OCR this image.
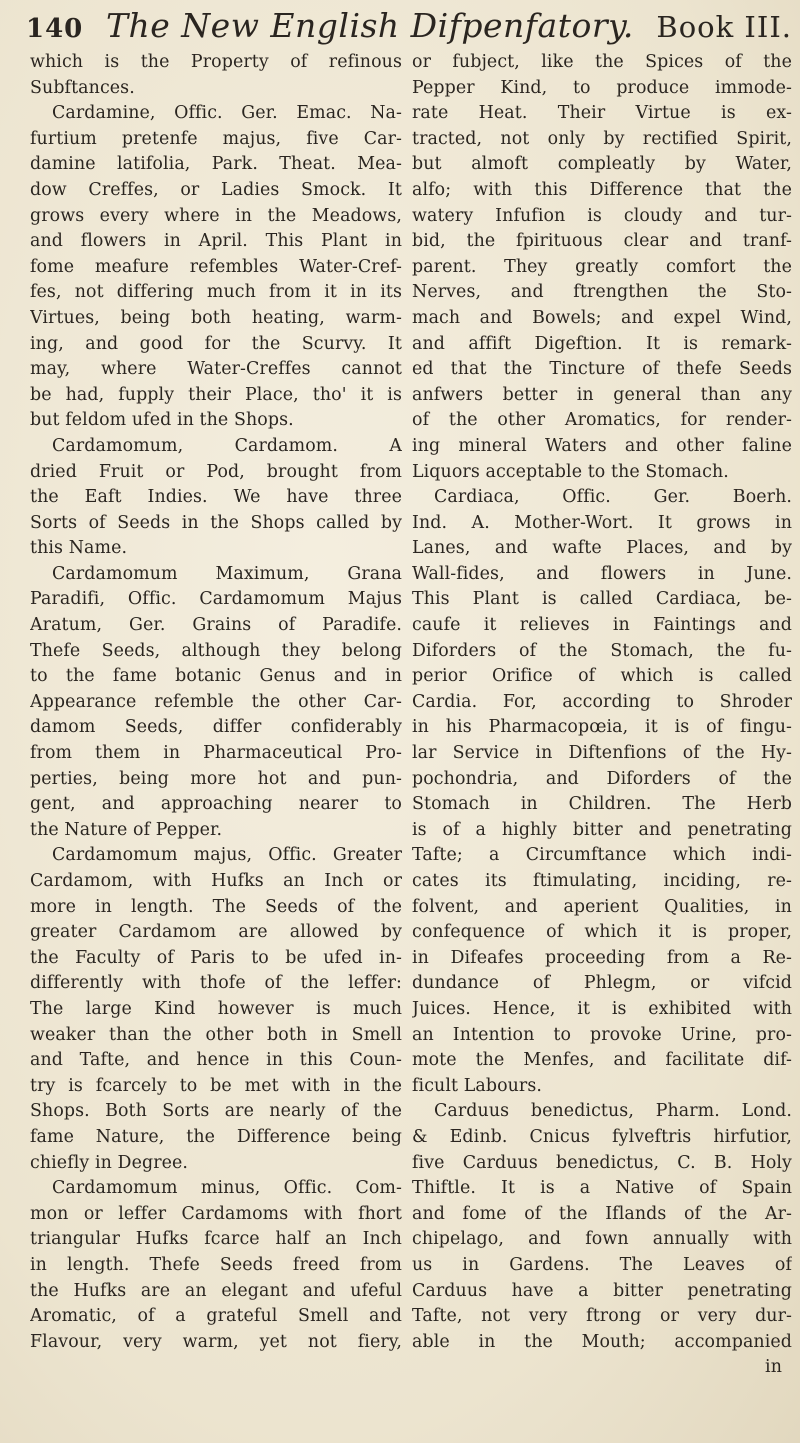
140 The New English Difpenfatory. Book III.
which is the Property of refinous
Subftances.
Cardamine, Offic. Ger. Emac. Na-
furtium pretenfe majus, five Car-
damine latifolia, Park. Theat. Mea-
dow Creffes, or Ladies Smock. It
grows every where in the Meadows,
and flowers in April. This Plant in
fome meafure refembles Water-Cref-
fes, not differing much from it in its
Virtues, being both heating, warm-
ing, and good for the Scurvy. It
may, where Water-Creffes cannot
be had, fupply their Place, tho' it is
but feldom ufed in the Shops.
Cardamomum, Cardamom. A
dried Fruit or Pod, brought from
the Eaft Indies. We have three
Sorts of Seeds in the Shops called by
this Name.
Cardamomum Maximum, Grana
Paradifi, Offic. Cardamomum Majus
Aratum, Ger. Grains of Paradife.
Thefe Seeds, although they belong
to the fame botanic Genus and in
Appearance refemble the other Car-
damom Seeds, differ confiderably
from them in Pharmaceutical Pro-
perties, being more hot and pun-
gent, and approaching nearer to
the Nature of Pepper.
Cardamomum majus, Offic. Greater
Cardamom, with Hufks an Inch or
more in length. The Seeds of the
greater Cardamom are allowed by
the Faculty of Paris to be ufed in-
differently with thofe of the leffer:
The large Kind however is much
weaker than the other both in Smell
and Tafte, and hence in this Coun-
try is fcarcely to be met with in the
Shops. Both Sorts are nearly of the
fame Nature, the Difference being
chiefly in Degree.
Cardamomum minus, Offic. Com-
mon or leffer Cardamoms with fhort
triangular Hufks fcarce half an Inch
in length. Thefe Seeds freed from
the Hufks are an elegant and ufeful
Aromatic, of a grateful Smell and
Flavour, very warm, yet not fiery,
or fubject, like the Spices of the
Pepper Kind, to produce immode-
rate Heat. Their Virtue is ex-
tracted, not only by rectified Spirit,
but almoft compleatly by Water,
alfo; with this Difference that the
watery Infufion is cloudy and tur-
bid, the fpirituous clear and tranf-
parent. They greatly comfort the
Nerves, and ftrengthen the Sto-
mach and Bowels; and expel Wind,
and affift Digeftion. It is remark-
ed that the Tincture of thefe Seeds
anfwers better in general than any
of the other Aromatics, for render-
ing mineral Waters and other faline
Liquors acceptable to the Stomach.
Cardiaca, Offic. Ger. Boerh.
Ind. A. Mother-Wort. It grows in
Lanes, and wafte Places, and by
Wall-fides, and flowers in June.
This Plant is called Cardiaca, be-
caufe it relieves in Faintings and
Diforders of the Stomach, the fu-
perior Orifice of which is called
Cardia. For, according to Shroder
in his Pharmacopœia, it is of fingu-
lar Service in Diftenfions of the Hy-
pochondria, and Diforders of the
Stomach in Children. The Herb
is of a highly bitter and penetrating
Tafte; a Circumftance which indi-
cates its ftimulating, inciding, re-
folvent, and aperient Qualities, in
confequence of which it is proper,
in Difeafes proceeding from a Re-
dundance of Phlegm, or vifcid
Juices. Hence, it is exhibited with
an Intention to provoke Urine, pro-
mote the Menfes, and facilitate dif-
ficult Labours.
Carduus benedictus, Pharm. Lond.
& Edinb. Cnicus fylveftris hirfutior,
five Carduus benedictus, C. B. Holy
Thiftle. It is a Native of Spain
and fome of the Iflands of the Ar-
chipelago, and fown annually with
us in Gardens. The Leaves of
Carduus have a bitter penetrating
Tafte, not very ftrong or very dur-
able in the Mouth; accompanied
in
